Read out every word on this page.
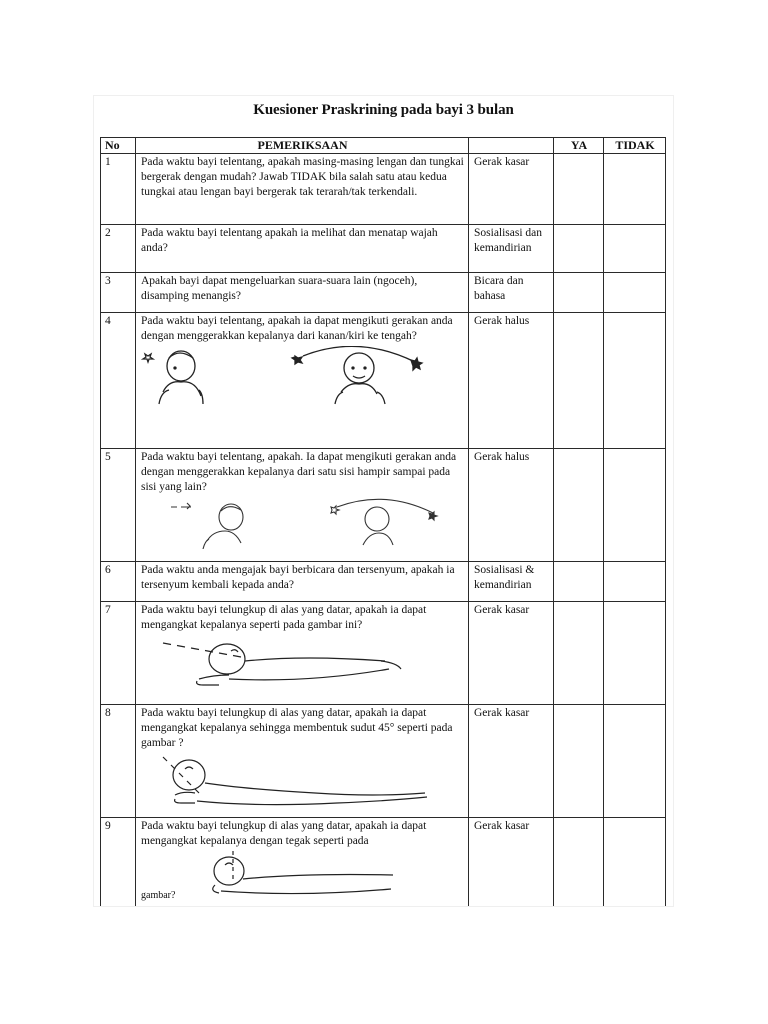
Kuesioner Praskrining pada bayi 3 bulan
No	PEMERIKSAAN		YA	TIDAK
1	Pada waktu bayi telentang, apakah masing-masing lengan dan tungkai bergerak dengan mudah? Jawab TIDAK bila salah satu atau kedua tungkai atau lengan bayi bergerak tak terarah/tak terkendali.	Gerak kasar		
2	Pada waktu bayi telentang apakah ia melihat dan menatap wajah anda?	Sosialisasi dan kemandirian		
3	Apakah bayi dapat mengeluarkan suara-suara lain (ngoceh), disamping menangis?	Bicara dan bahasa		
4	Pada waktu bayi telentang, apakah ia dapat mengikuti gerakan anda dengan menggerakkan kepalanya dari kanan/kiri ke tengah?	Gerak halus		
5	Pada waktu bayi telentang, apakah. Ia dapat mengikuti gerakan anda dengan menggerakkan kepalanya dari satu sisi hampir sampai pada sisi yang lain?	Gerak halus		
6	Pada waktu anda mengajak bayi berbicara dan tersenyum, apakah ia tersenyum kembali kepada anda?	Sosialisasi & kemandirian		
7	Pada waktu bayi telungkup di alas yang datar, apakah ia dapat mengangkat kepalanya seperti pada gambar ini?	Gerak kasar		
8	Pada waktu bayi telungkup di alas yang datar, apakah ia dapat mengangkat kepalanya sehingga membentuk sudut 45° seperti pada gambar ?	Gerak kasar		
9	Pada waktu bayi telungkup di alas yang datar, apakah ia dapat mengangkat kepalanya dengan tegak seperti pada
gambar?	Gerak kasar		
